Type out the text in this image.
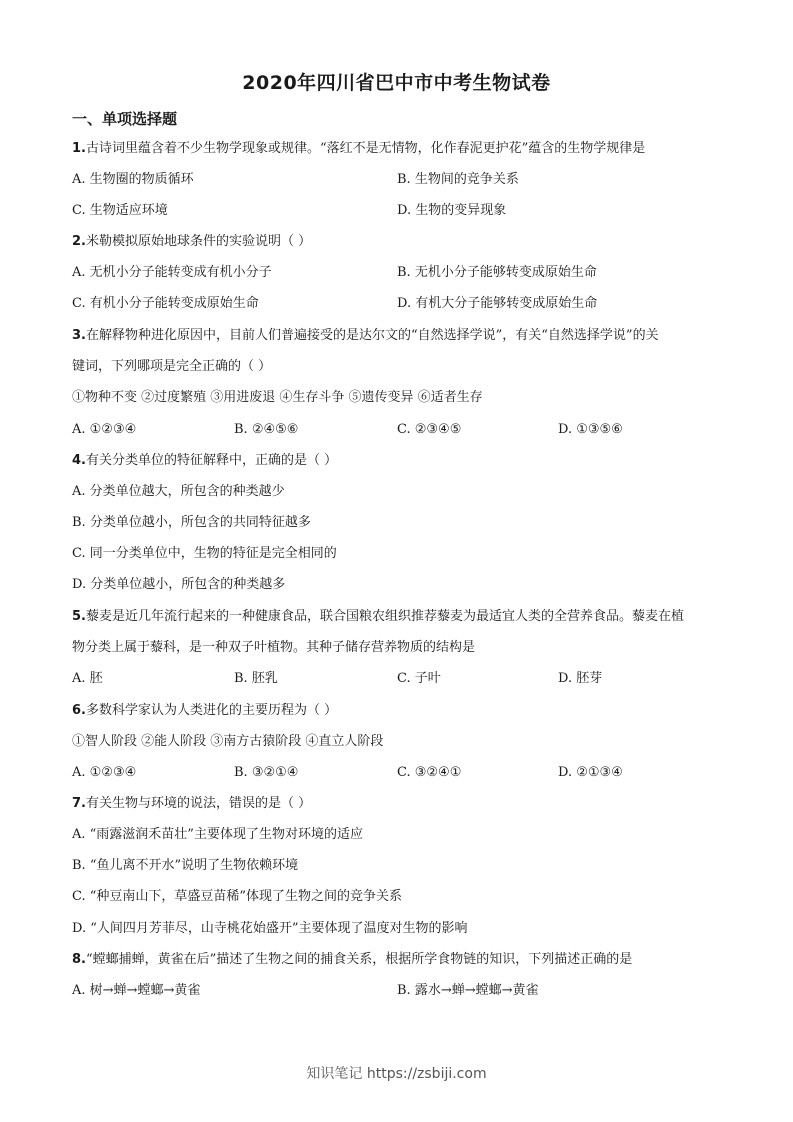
2020年四川省巴中市中考生物试卷
一、单项选择题
1.古诗词里蕴含着不少生物学现象或规律。“落红不是无情物，化作春泥更护花”蕴含的生物学规律是
A. 生物圈的物质循环	B. 生物间的竞争关系
C. 生物适应环境	D. 生物的变异现象
2.米勒模拟原始地球条件的实验说明（ ）
A. 无机小分子能转变成有机小分子	B. 无机小分子能够转变成原始生命
C. 有机小分子能转变成原始生命	D. 有机大分子能够转变成原始生命
3.在解释物种进化原因中，目前人们普遍接受的是达尔文的“自然选择学说”，有关“自然选择学说”的关
键词，下列哪项是完全正确的（ ）
①物种不变 ②过度繁殖 ③用进废退 ④生存斗争 ⑤遗传变异 ⑥适者生存
A. ①②③④	B. ②④⑤⑥	C. ②③④⑤	D. ①③⑤⑥
4.有关分类单位的特征解释中，正确的是（ ）
A. 分类单位越大，所包含的种类越少
B. 分类单位越小，所包含的共同特征越多
C. 同一分类单位中，生物的特征是完全相同的
D. 分类单位越小，所包含的种类越多
5.藜麦是近几年流行起来的一种健康食品，联合国粮农组织推荐藜麦为最适宜人类的全营养食品。藜麦在植
物分类上属于藜科，是一种双子叶植物。其种子储存营养物质的结构是
A. 胚	B. 胚乳	C. 子叶	D. 胚芽
6.多数科学家认为人类进化的主要历程为（ ）
①智人阶段 ②能人阶段 ③南方古猿阶段 ④直立人阶段
A. ①②③④	B. ③②①④	C. ③②④①	D. ②①③④
7.有关生物与环境的说法，错误的是（ ）
A. “雨露滋润禾苗壮”主要体现了生物对环境的适应
B. “鱼儿离不开水”说明了生物依赖环境
C. “种豆南山下，草盛豆苗稀”体现了生物之间的竞争关系
D. “人间四月芳菲尽，山寺桃花始盛开”主要体现了温度对生物的影响
8.“螳螂捕蝉，黄雀在后”描述了生物之间的捕食关系，根据所学食物链的知识，下列描述正确的是
A. 树→蝉→螳螂→黄雀	B. 露水→蝉→螳螂→黄雀
知识笔记 https://zsbiji.com
